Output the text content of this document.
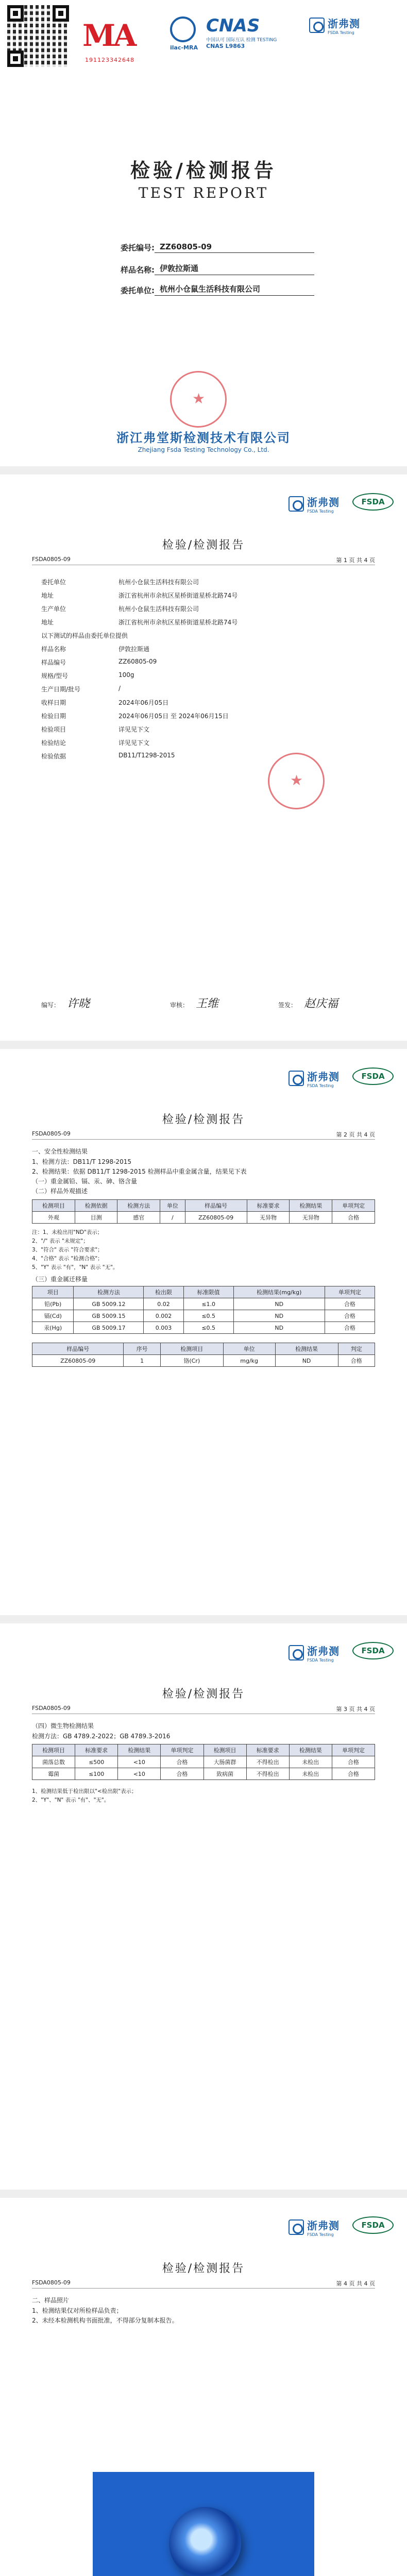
MA
191123342648
ilac-MRA
CNAS
中国认可 国际互认 检测 TESTING
CNAS L9863
浙弗测
FSDA Testing
检验/检测报告
TEST REPORT
委托编号: ZZ60805-09
样品名称: 伊敦拉斯通
委托单位: 杭州小仓鼠生活科技有限公司
★
浙江弗堂斯检测技术有限公司
Zhejiang Fsda Testing Technology Co., Ltd.
浙弗测
FSDA Testing
FSDA
检验/检测报告
FSDA0805-09	第 1 页 共 4 页
委托单位	杭州小仓鼠生活科技有限公司
地址	浙江省杭州市余杭区星桥街道星桥北路74号
生产单位	杭州小仓鼠生活科技有限公司
地址	浙江省杭州市余杭区星桥街道星桥北路74号
以下测试的样品由委托单位提供
样品名称	伊敦拉斯通
样品编号	ZZ60805-09
规格/型号	100g
生产日期/批号	/
收样日期	2024年06月05日
检验日期	2024年06月05日 至 2024年06月15日
检验项目	详见见下文
检验结论	详见见下文
检验依据	DB11/T1298-2015
★
编写： 许晓	审核： 王维	签发： 赵庆福
浙弗测
FSDA Testing
FSDA
检验/检测报告
FSDA0805-09	第 2 页 共 4 页
一、安全性检测结果
1、检测方法：DB11/T 1298-2015
2、检测结果：依据 DB11/T 1298-2015 检测样品中重金属含量，结果见下表
（一）重金属铅、镉、汞、砷、铬含量
（二）样品外观描述
检测项目	检测依据	检测方法	单位	样品编号	标准要求	检测结果	单项判定
外观	目测	感官	/	ZZ60805-09	无异物	无异物	合格
注：1、未检出用"ND"表示；
2、"/" 表示 "未规定"；
3、"符合" 表示 "符合要求"；
4、"合格" 表示 "检测合格"；
5、"Y" 表示 "有"，"N" 表示 "无"。
（三）重金属迁移量
项目	检测方法	检出限	标准限值	检测结果(mg/kg)	单项判定
铅(Pb)	GB 5009.12	0.02	≤1.0	ND	合格
镉(Cd)	GB 5009.15	0.002	≤0.5	ND	合格
汞(Hg)	GB 5009.17	0.003	≤0.5	ND	合格
样品编号	序号	检测项目	单位	检测结果	判定
ZZ60805-09	1	铬(Cr)	mg/kg	ND	合格
浙弗测
FSDA Testing
FSDA
检验/检测报告
FSDA0805-09	第 3 页 共 4 页
（四）微生物检测结果
检测方法：GB 4789.2-2022；GB 4789.3-2016
检测项目	标准要求	检测结果	单项判定	检测项目	标准要求	检测结果	单项判定
菌落总数	≤500	<10	合格	大肠菌群	不得检出	未检出	合格
霉菌	≤100	<10	合格	致病菌	不得检出	未检出	合格
1、检测结果低于检出限以"<检出限"表示；
2、"Y"、"N" 表示 "有"、"无"。
浙弗测
FSDA Testing
FSDA
检验/检测报告
FSDA0805-09	第 4 页 共 4 页
二、样品照片
1、检测结果仅对所检样品负责；
2、未经本检测机构书面批准，不得部分复制本报告。
